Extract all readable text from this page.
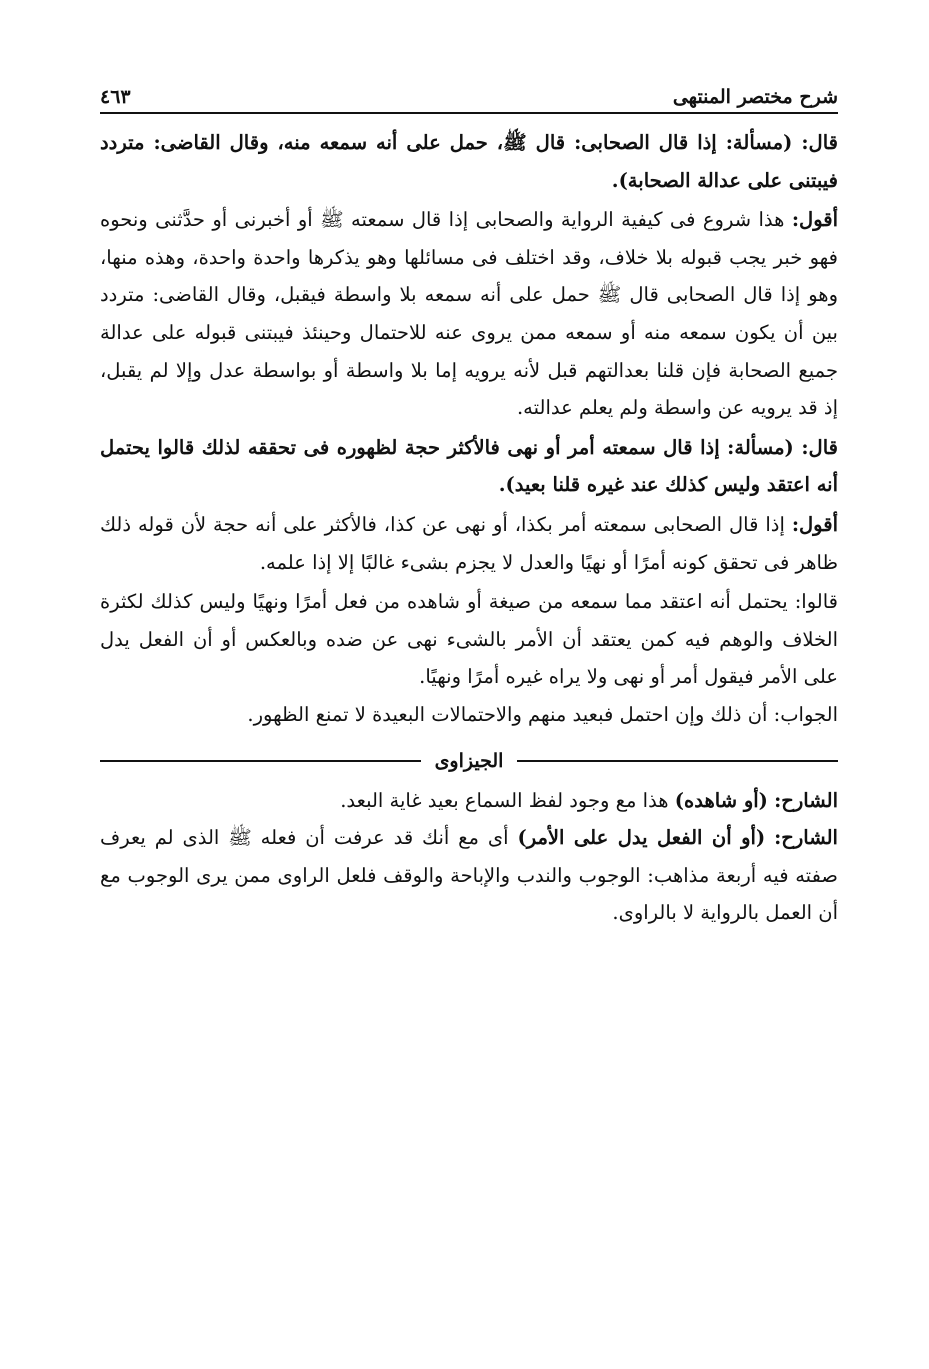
شرح مختصر المنتهى
٤٦٣

قال: (مسألة: إذا قال الصحابى: قال ﷺ، حمل على أنه سمعه منه، وقال القاضى: متردد فيبتنى على عدالة الصحابة).

أقول: هذا شروع فى كيفية الرواية والصحابى إذا قال سمعته ﷺ أو أخبرنى أو حدَّثنى ونحوه فهو خبر يجب قبوله بلا خلاف، وقد اختلف فى مسائلها وهو يذكرها واحدة واحدة، وهذه منها، وهو إذا قال الصحابى قال ﷺ حمل على أنه سمعه بلا واسطة فيقبل، وقال القاضى: متردد بين أن يكون سمعه منه أو سمعه ممن يروى عنه للاحتمال وحينئذ فيبتنى قبوله على عدالة جميع الصحابة فإن قلنا بعدالتهم قبل لأنه يرويه إما بلا واسطة أو بواسطة عدل وإلا لم يقبل، إذ قد يرويه عن واسطة ولم يعلم عدالته.

قال: (مسألة: إذا قال سمعته أمر أو نهى فالأكثر حجة لظهوره فى تحققه لذلك قالوا يحتمل أنه اعتقد وليس كذلك عند غيره قلنا بعيد).

أقول: إذا قال الصحابى سمعته أمر بكذا، أو نهى عن كذا، فالأكثر على أنه حجة لأن قوله ذلك ظاهر فى تحقق كونه أمرًا أو نهيًا والعدل لا يجزم بشىء غالبًا إلا إذا علمه.

قالوا: يحتمل أنه اعتقد مما سمعه من صيغة أو شاهده من فعل أمرًا ونهيًا وليس كذلك لكثرة الخلاف والوهم فيه كمن يعتقد أن الأمر بالشىء نهى عن ضده وبالعكس أو أن الفعل يدل على الأمر فيقول أمر أو نهى ولا يراه غيره أمرًا ونهيًا.

الجواب: أن ذلك وإن احتمل فبعيد منهم والاحتمالات البعيدة لا تمنع الظهور.

الجيزاوى

الشارح: (أو شاهده) هذا مع وجود لفظ السماع بعيد غاية البعد.

الشارح: (أو أن الفعل يدل على الأمر) أى مع أنك قد عرفت أن فعله ﷺ الذى لم يعرف صفته فيه أربعة مذاهب: الوجوب والندب والإباحة والوقف فلعل الراوى ممن يرى الوجوب مع أن العمل بالرواية لا بالراوى.
